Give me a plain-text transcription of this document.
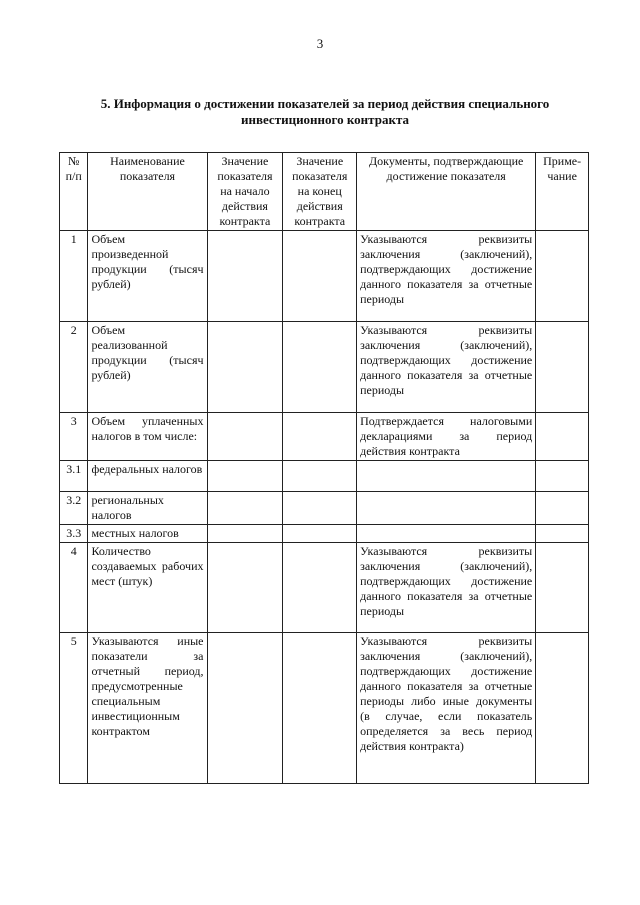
3
5. Информация о достижении показателей за период действия специального инвестиционного контракта
№ п/п	Наименование показателя	Значение показателя на начало действия контракта	Значение показателя на конец действия контракта	Документы, подтверждающие достижение показателя	Приме-чание
1	Объем произведенной продукции (тысяч рублей)			Указываются реквизиты заключения (заключений), подтверждающих достижение данного показателя за отчетные периоды	
2	Объем реализованной продукции (тысяч рублей)			Указываются реквизиты заключения (заключений), подтверждающих достижение данного показателя за отчетные периоды	
3	Объем уплаченных налогов в том числе:			Подтверждается налоговыми декларациями за период действия контракта	
3.1	федеральных налогов				
3.2	региональных налогов				
3.3	местных налогов				
4	Количество создаваемых рабочих мест (штук)			Указываются реквизиты заключения (заключений), подтверждающих достижение данного показателя за отчетные периоды	
5	Указываются иные показатели за отчетный период, предусмотренные специальным инвестиционным контрактом			Указываются реквизиты заключения (заключений), подтверждающих достижение данного показателя за отчетные периоды либо иные документы (в случае, если показатель определяется за весь период действия контракта)	
